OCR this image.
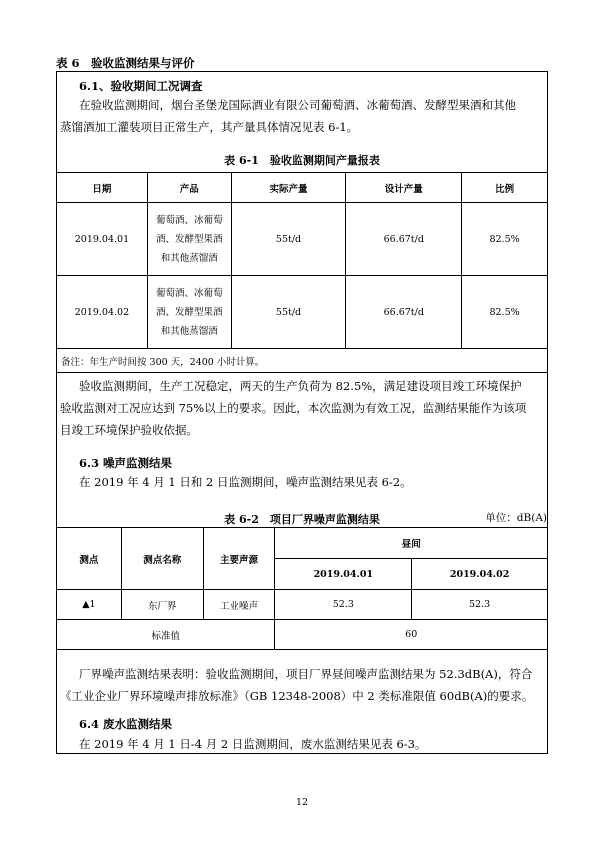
表 6　验收监测结果与评价
6.1、验收期间工况调查
在验收监测期间，烟台圣堡龙国际酒业有限公司葡萄酒、冰葡萄酒、发酵型果酒和其他
蒸馏酒加工灌装项目正常生产，其产量具体情况见表 6-1。
表 6-1　验收监测期间产量报表
日期	产品	实际产量	设计产量	比例
2019.04.01	葡萄酒、冰葡萄
酒、发酵型果酒
和其他蒸馏酒	55t/d	66.67t/d	82.5%
2019.04.02	葡萄酒、冰葡萄
酒、发酵型果酒
和其他蒸馏酒	55t/d	66.67t/d	82.5%
备注：年生产时间按 300 天，2400 小时计算。				
验收监测期间，生产工况稳定，两天的生产负荷为 82.5%，满足建设项目竣工环境保护
验收监测对工况应达到 75%以上的要求。因此，本次监测为有效工况，监测结果能作为该项
目竣工环境保护验收依据。
6.3 噪声监测结果
在 2019 年 4 月 1 日和 2 日监测期间，噪声监测结果见表 6-2。
表 6-2　项目厂界噪声监测结果	单位：dB(A)
测点	测点名称	主要声源	昼间	
			2019.04.01	2019.04.02
▲1	东厂界	工业噪声	52.3	52.3
标准值			60	
厂界噪声监测结果表明：验收监测期间，项目厂界昼间噪声监测结果为 52.3dB(A)，符合
《工业企业厂界环境噪声排放标准》（GB 12348-2008）中 2 类标准限值 60dB(A)的要求。
6.4 废水监测结果
在 2019 年 4 月 1 日-4 月 2 日监测期间，废水监测结果见表 6-3。
12
